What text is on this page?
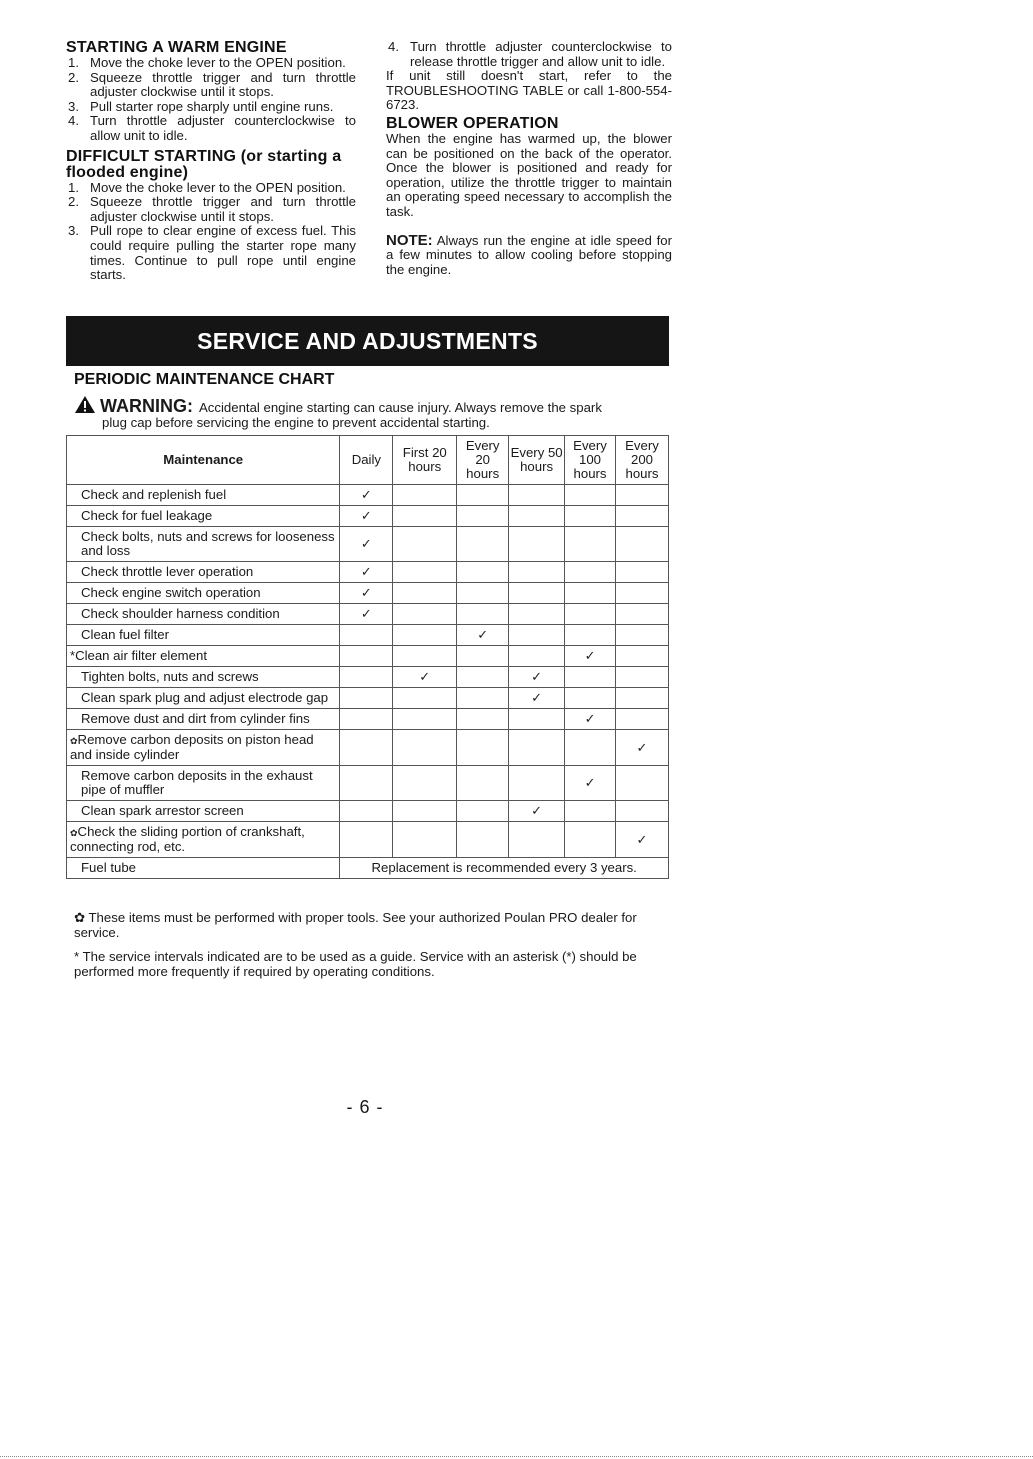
STARTING A WARM ENGINE
1. Move the choke lever to the OPEN position.
2. Squeeze throttle trigger and turn throttle adjuster clockwise until it stops.
3. Pull starter rope sharply until engine runs.
4. Turn throttle adjuster counterclockwise to allow unit to idle.
DIFFICULT STARTING (or starting a flooded engine)
1. Move the choke lever to the OPEN position.
2. Squeeze throttle trigger and turn throttle adjuster clockwise until it stops.
3. Pull rope to clear engine of excess fuel. This could require pulling the starter rope many times. Continue to pull rope until engine starts.
4. Turn throttle adjuster counterclockwise to release throttle trigger and allow unit to idle.

If unit still doesn't start, refer to the TROUBLESHOOTING TABLE or call 1-800-554-6723.

BLOWER OPERATION

When the engine has warmed up, the blower can be positioned on the back of the operator. Once the blower is positioned and ready for operation, utilize the throttle trigger to maintain an operating speed necessary to accomplish the task.

NOTE: Always run the engine at idle speed for a few minutes to allow cooling before stopping the engine.

SERVICE AND ADJUSTMENTS
PERIODIC MAINTENANCE CHART
WARNING: Accidental engine starting can cause injury. Always remove the spark
plug cap before servicing the engine to prevent accidental starting.
Maintenance	Daily	First 20 hours	Every 20 hours	Every 50 hours	Every 100 hours	Every 200 hours
Check and replenish fuel	✓					
Check for fuel leakage	✓					
Check bolts, nuts and screws for looseness and loss	✓					
Check throttle lever operation	✓					
Check engine switch operation	✓					
Check shoulder harness condition	✓					
Clean fuel filter			✓			
*Clean air filter element					✓	
Tighten bolts, nuts and screws		✓		✓		
Clean spark plug and adjust electrode gap				✓		
Remove dust and dirt from cylinder fins					✓	
✿Remove carbon deposits on piston head and inside cylinder						✓
Remove carbon deposits in the exhaust pipe of muffler					✓	
Clean spark arrestor screen				✓		
✿Check the sliding portion of crankshaft, connecting rod, etc.						✓
Fuel tube	Replacement is recommended every 3 years.					
✿ These items must be performed with proper tools. See your authorized Poulan PRO dealer for service.
* The service intervals indicated are to be used as a guide. Service with an asterisk (*) should be performed more frequently if required by operating conditions.
- 6 -
